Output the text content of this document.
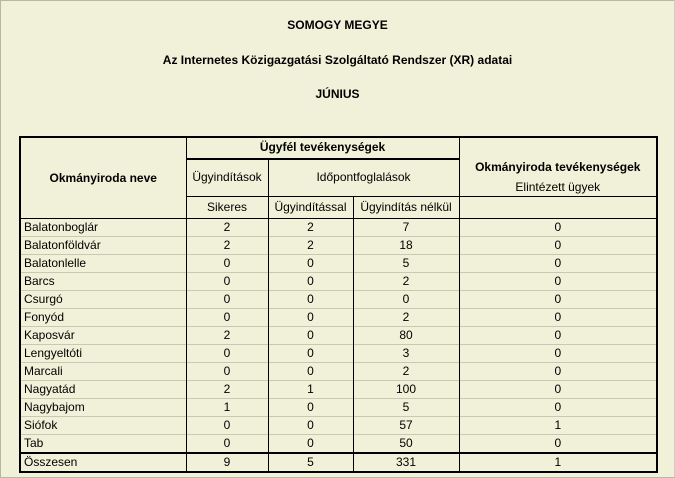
SOMOGY MEGYE
Az Internetes Közigazgatási Szolgáltató Rendszer (XR) adatai
JÚNIUS
Okmányiroda neve	Ügyfél tevékenységek			Okmányiroda tevékenységek
	Ügyindítások	Időpontfoglalások		
	Sikeres	Ügyindítással	Ügyindítás nélkül	Elintézett ügyek
Balatonboglár	2	2	7	0
Balatonföldvár	2	2	18	0
Balatonlelle	0	0	5	0
Barcs	0	0	2	0
Csurgó	0	0	0	0
Fonyód	0	0	2	0
Kaposvár	2	0	80	0
Lengyeltóti	0	0	3	0
Marcali	0	0	2	0
Nagyatád	2	1	100	0
Nagybajom	1	0	5	0
Siófok	0	0	57	1
Tab	0	0	50	0
Összesen	9	5	331	1
